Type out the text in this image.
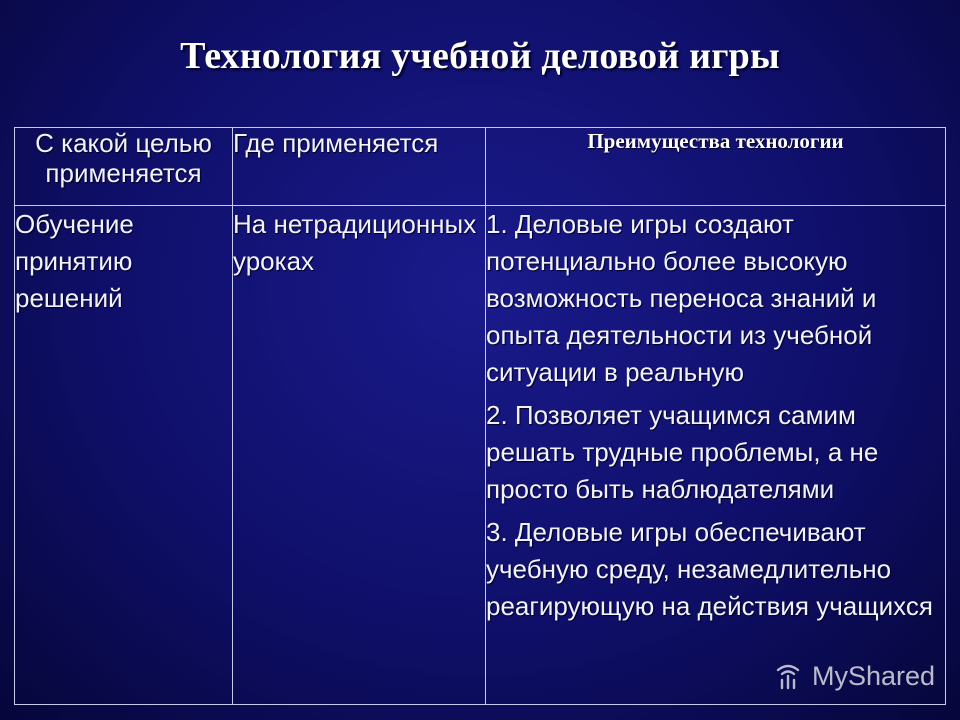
Технология учебной деловой игры
С какой целью применяется	Где применяется	Преимущества технологии
Обучение принятию решений	На нетрадиционных уроках	1. Деловые игры создают потенциально более высокую возможность переноса знаний и опыта деятельности из учебной ситуации в реальную
2. Позволяет учащимся самим решать трудные проблемы, а не просто быть наблюдателями
3. Деловые игры обеспечивают учебную среду, незамедлительно реагирующую на действия учащихся
MyShared
